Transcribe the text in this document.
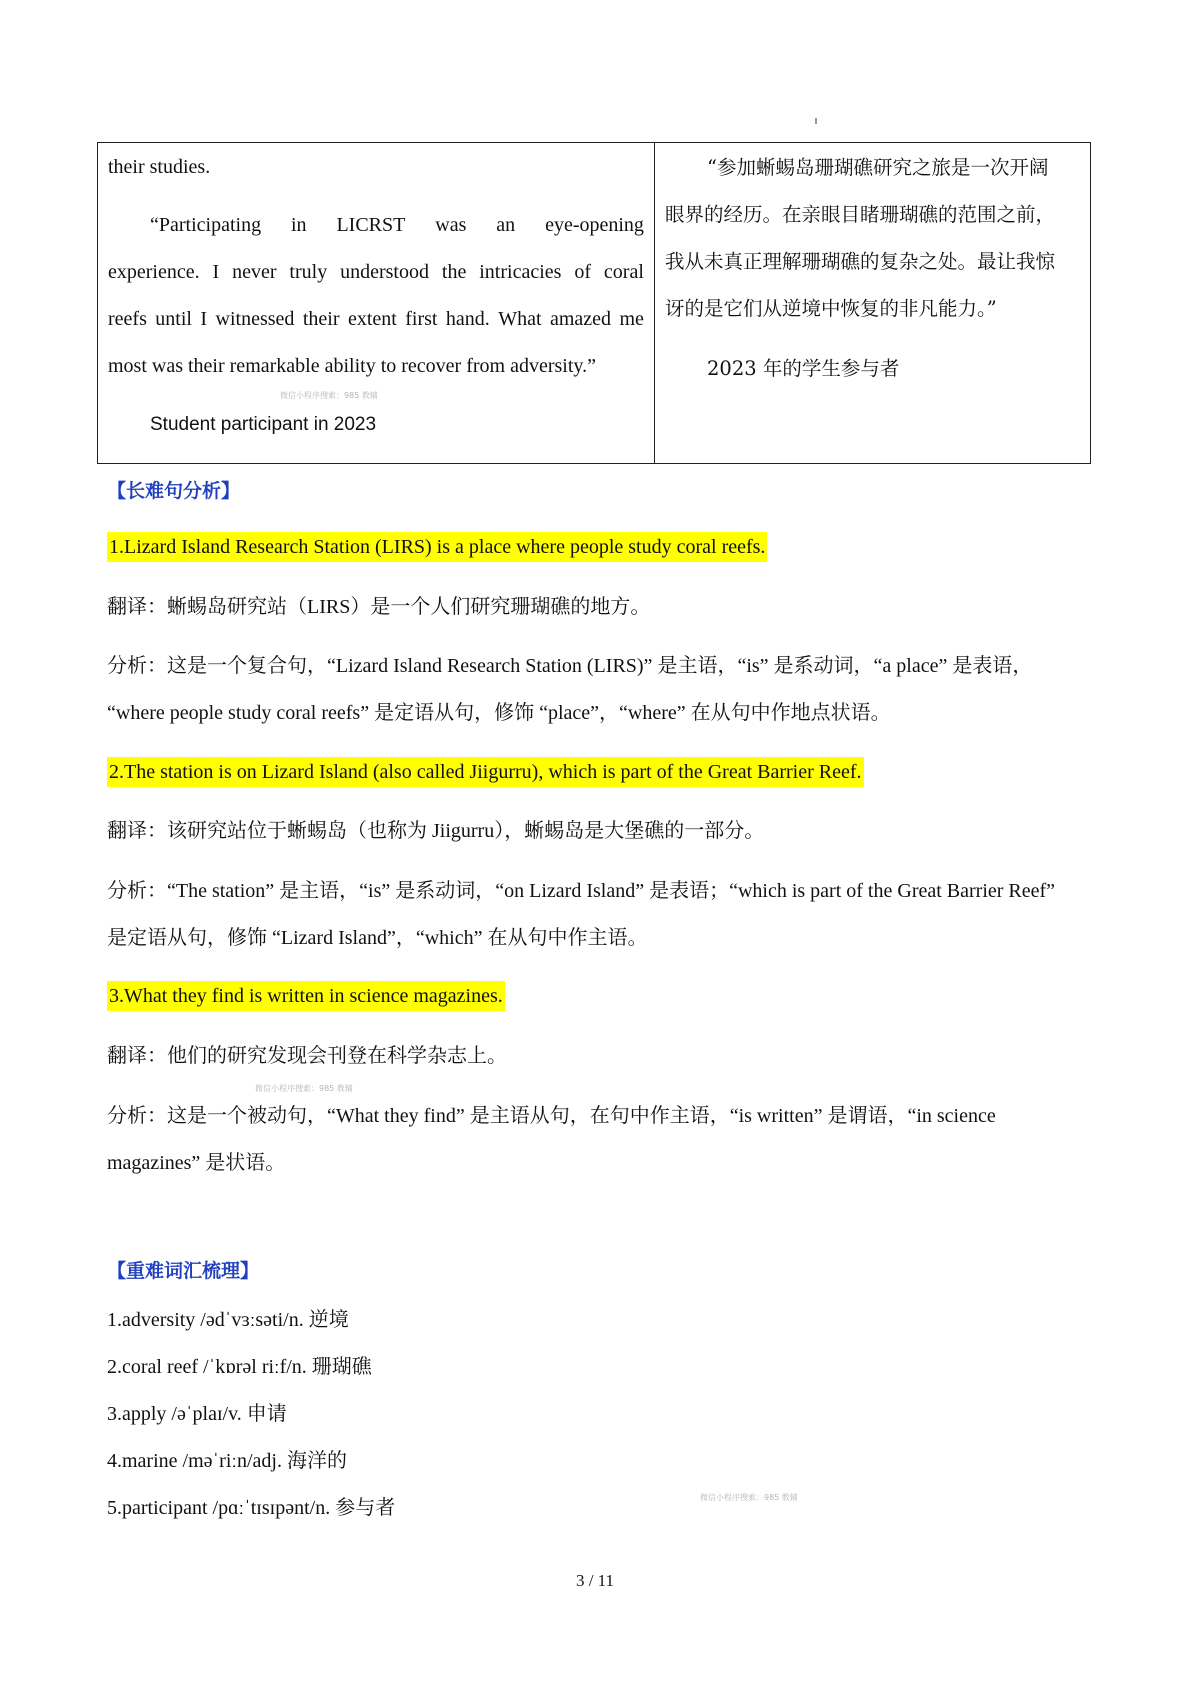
their studies.
“Participating in LICRST was an eye-opening
experience. I never truly understood the intricacies of coral
reefs until I witnessed their extent first hand. What amazed me
most was their remarkable ability to recover from adversity.”
微信小程序搜索：985 教辅
Student participant in 2023

“参加蜥蜴岛珊瑚礁研究之旅是一次开阔
眼界的经历。在亲眼目睹珊瑚礁的范围之前，
我从未真正理解珊瑚礁的复杂之处。最让我惊
讶的是它们从逆境中恢复的非凡能力。”
2023 年的学生参与者
【长难句分析】
1.Lizard Island Research Station (LIRS) is a place where people study coral reefs.
翻译：蜥蜴岛研究站（LIRS）是一个人们研究珊瑚礁的地方。
分析：这是一个复合句，“Lizard Island Research Station (LIRS)” 是主语，“is” 是系动词，“a place” 是表语，
“where people study coral reefs” 是定语从句，修饰 “place”，“where” 在从句中作地点状语。
2.The station is on Lizard Island (also called Jiigurru), which is part of the Great Barrier Reef.
翻译：该研究站位于蜥蜴岛（也称为 Jiigurru），蜥蜴岛是大堡礁的一部分。
分析：“The station” 是主语，“is” 是系动词，“on Lizard Island” 是表语；“which is part of the Great Barrier Reef”
是定语从句，修饰 “Lizard Island”，“which” 在从句中作主语。
3.What they find is written in science magazines.
翻译：他们的研究发现会刊登在科学杂志上。
微信小程序搜索：985 教辅
分析：这是一个被动句，“What they find” 是主语从句，在句中作主语，“is written” 是谓语，“in science
magazines” 是状语。
【重难词汇梳理】
1.adversity /ədˈvɜːsəti/n. 逆境
2.coral reef /ˈkɒrəl riːf/n. 珊瑚礁
3.apply /əˈplaɪ/v. 申请
4.marine /məˈriːn/adj. 海洋的
5.participant /pɑːˈtɪsɪpənt/n. 参与者	微信小程序搜索：985 教辅
3 / 11
